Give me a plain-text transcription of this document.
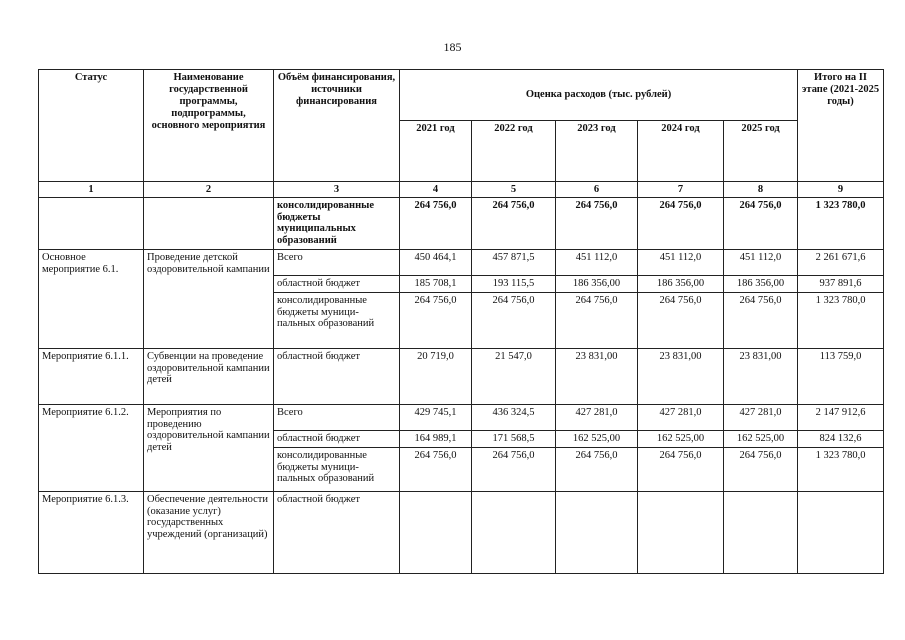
185
Статус	Наименование государственной программы, подпрограммы, основного мероприятия	Объём финансирования, источники финансирования	Оценка расходов (тыс. рублей)					Итого на II этапе (2021-2025 годы)
			2021 год	2022 год	2023 год	2024 год	2025 год	
1	2	3	4	5	6	7	8	9
		консолидированные бюджеты муниципальных образований	264 756,0	264 756,0	264 756,0	264 756,0	264 756,0	1 323 780,0
Основное мероприятие 6.1.	Проведение детской оздоровительной кампании	Всего	450 464,1	457 871,5	451 112,0	451 112,0	451 112,0	2 261 671,6
		областной бюджет	185 708,1	193 115,5	186 356,00	186 356,00	186 356,00	937 891,6
		консолидированные бюджеты муници-пальных образований	264 756,0	264 756,0	264 756,0	264 756,0	264 756,0	1 323 780,0
Мероприятие 6.1.1.	Субвенции на проведение оздоровительной кампании детей	областной бюджет	20 719,0	21 547,0	23 831,00	23 831,00	23 831,00	113 759,0
Мероприятие 6.1.2.	Мероприятия по проведению оздоровительной кампании детей	Всего	429 745,1	436 324,5	427 281,0	427 281,0	427 281,0	2 147 912,6
		областной бюджет	164 989,1	171 568,5	162 525,00	162 525,00	162 525,00	824 132,6
		консолидированные бюджеты муници-пальных образований	264 756,0	264 756,0	264 756,0	264 756,0	264 756,0	1 323 780,0
Мероприятие 6.1.3.	Обеспечение деятельности (оказание услуг) государственных учреждений (организаций)	областной бюджет						
